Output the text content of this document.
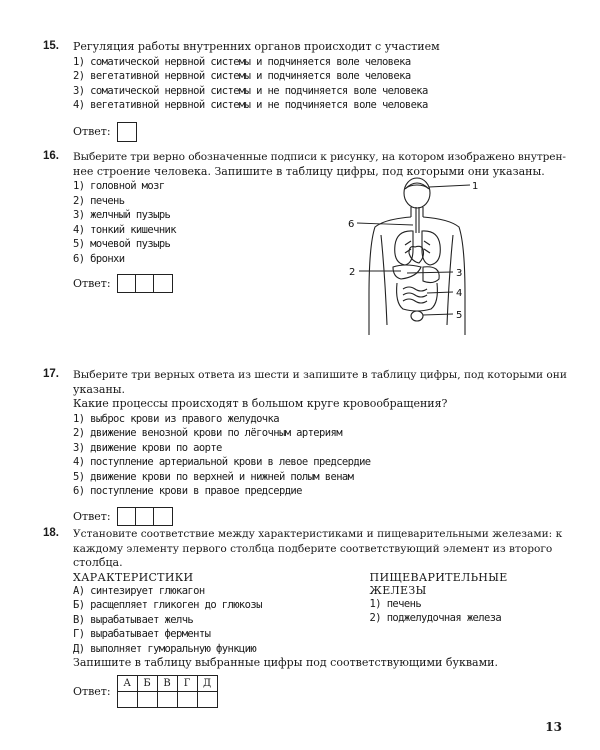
15. Регуляция работы внутренних органов происходит с участием
1) соматической нервной системы и подчиняется воле человека
2) вегетативной нервной системы и подчиняется воле человека
3) соматической нервной системы и не подчиняется воле человека
4) вегетативной нервной системы и не подчиняется воле человека
Ответ:
16. Выберите три верно обозначенные подписи к рисунку, на котором изображено внутрен-
нее строение человека. Запишите в таблицу цифры, под которыми они указаны.
1) головной мозг
2) печень
3) желчный пузырь
4) тонкий кишечник
5) мочевой пузырь
6) бронхи
Ответ:
1
2	3
4
5
6
17. Выберите три верных ответа из шести и запишите в таблицу цифры, под которыми они
указаны.
Какие процессы происходят в большом круге кровообращения?
1) выброс крови из правого желудочка
2) движение венозной крови по лёгочным артериям
3) движение крови по аорте
4) поступление артериальной крови в левое предсердие
5) движение крови по верхней и нижней полым венам
6) поступление крови в правое предсердие
Ответ:
18. Установите соответствие между характеристиками и пищеварительными железами: к
каждому элементу первого столбца подберите соответствующий элемент из второго
столбца.
ХАРАКТЕРИСТИКИ
А) синтезирует глюкагон
Б) расщепляет гликоген до глюкозы
В) вырабатывает желчь
Г) вырабатывает ферменты
Д) выполняет гуморальную функцию
ПИЩЕВАРИТЕЛЬНЫЕ ЖЕЛЕЗЫ
1) печень
2) поджелудочная железа
Запишите в таблицу выбранные цифры под соответствующими буквами.
Ответ:
А	Б	В	Г	Д

13
